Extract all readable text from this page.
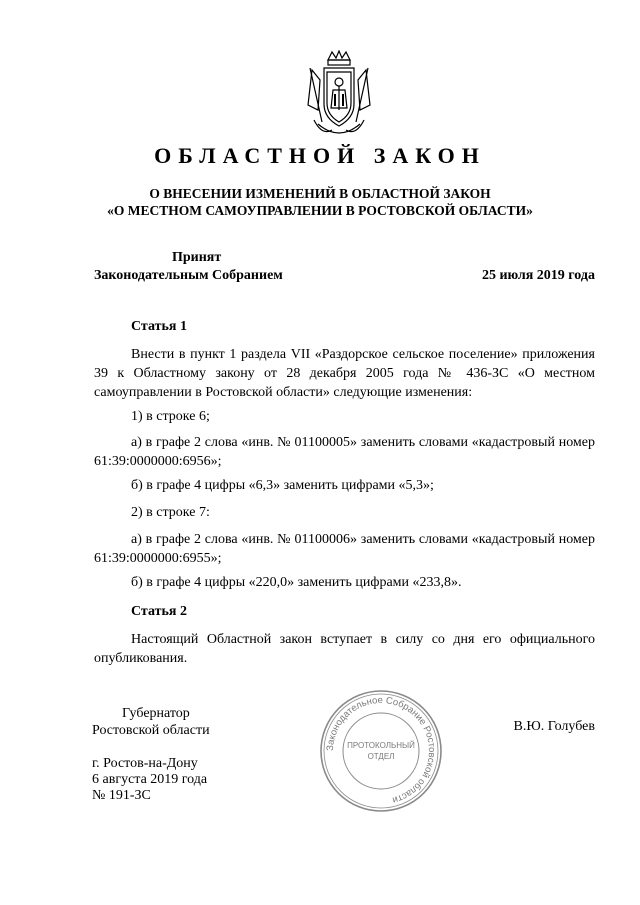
ОБЛАСТНОЙ ЗАКОН
О ВНЕСЕНИИ ИЗМЕНЕНИЙ В ОБЛАСТНОЙ ЗАКОН
«О МЕСТНОМ САМОУПРАВЛЕНИИ В РОСТОВСКОЙ ОБЛАСТИ»
Принят
Законодательным Собранием	25 июля 2019 года
Статья 1
Внести в пункт 1 раздела VII «Раздорское сельское поселение» приложения 39 к Областному закону от 28 декабря 2005 года № 436-ЗС «О местном самоуправлении в Ростовской области» следующие изменения:
1) в строке 6;
а) в графе 2 слова «инв. № 01100005» заменить словами «кадастровый номер 61:39:0000000:6956»;
б) в графе 4 цифры «6,3» заменить цифрами «5,3»;
2) в строке 7:
а) в графе 2 слова «инв. № 01100006» заменить словами «кадастровый номер 61:39:0000000:6955»;
б) в графе 4 цифры «220,0» заменить цифрами «233,8».
Статья 2
Настоящий Областной закон вступает в силу со дня его официального опубликования.
Губернатор
Ростовской области	В.Ю. Голубев
г. Ростов-на-Дону
6 августа 2019 года
№ 191-ЗС
Законодательное Собрание Ростовской области
ПРОТОКОЛЬНЫЙ
ОТДЕЛ
